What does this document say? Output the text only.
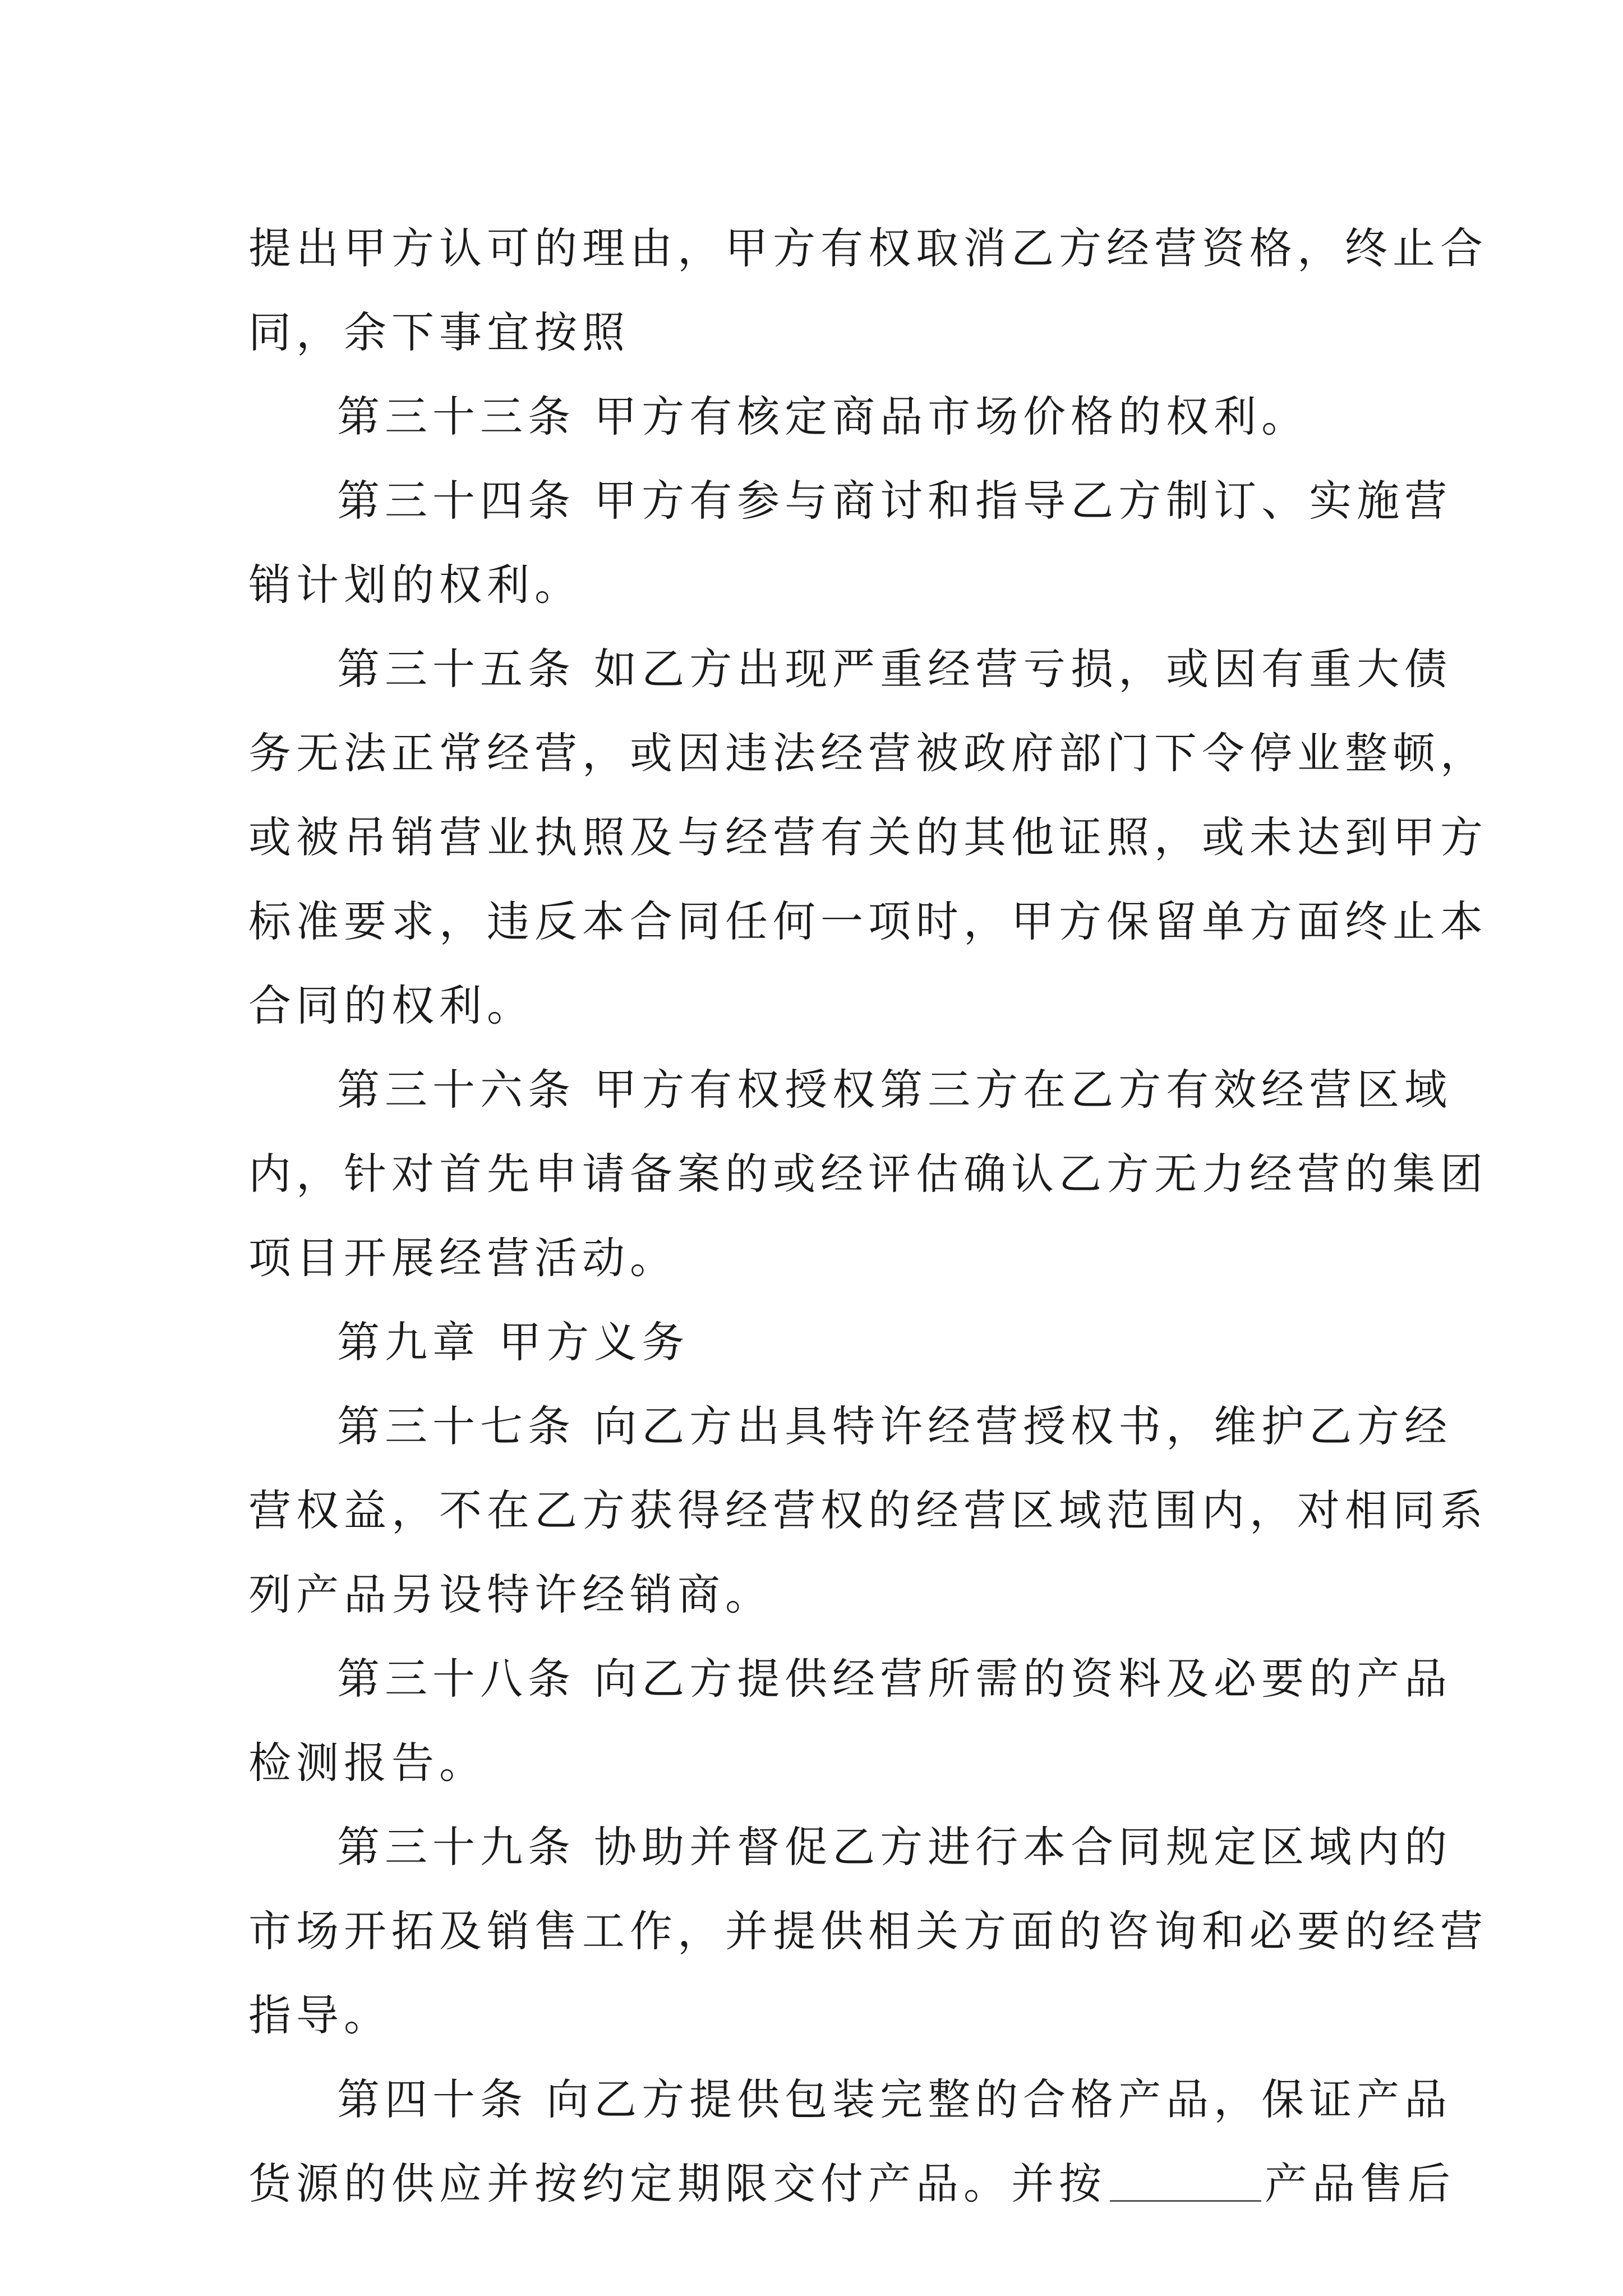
提出甲方认可的理由，甲方有权取消乙方经营资格，终止合
同，余下事宜按照
第三十三条 甲方有核定商品市场价格的权利。
第三十四条 甲方有参与商讨和指导乙方制订、实施营
销计划的权利。
第三十五条 如乙方出现严重经营亏损，或因有重大债
务无法正常经营，或因违法经营被政府部门下令停业整顿，
或被吊销营业执照及与经营有关的其他证照，或未达到甲方
标准要求，违反本合同任何一项时，甲方保留单方面终止本
合同的权利。
第三十六条 甲方有权授权第三方在乙方有效经营区域
内，针对首先申请备案的或经评估确认乙方无力经营的集团
项目开展经营活动。
第九章 甲方义务
第三十七条 向乙方出具特许经营授权书，维护乙方经
营权益，不在乙方获得经营权的经营区域范围内，对相同系
列产品另设特许经销商。
第三十八条 向乙方提供经营所需的资料及必要的产品
检测报告。
第三十九条 协助并督促乙方进行本合同规定区域内的
市场开拓及销售工作，并提供相关方面的咨询和必要的经营
指导。
第四十条 向乙方提供包装完整的合格产品，保证产品
货源的供应并按约定期限交付产品。并按	产品售后
